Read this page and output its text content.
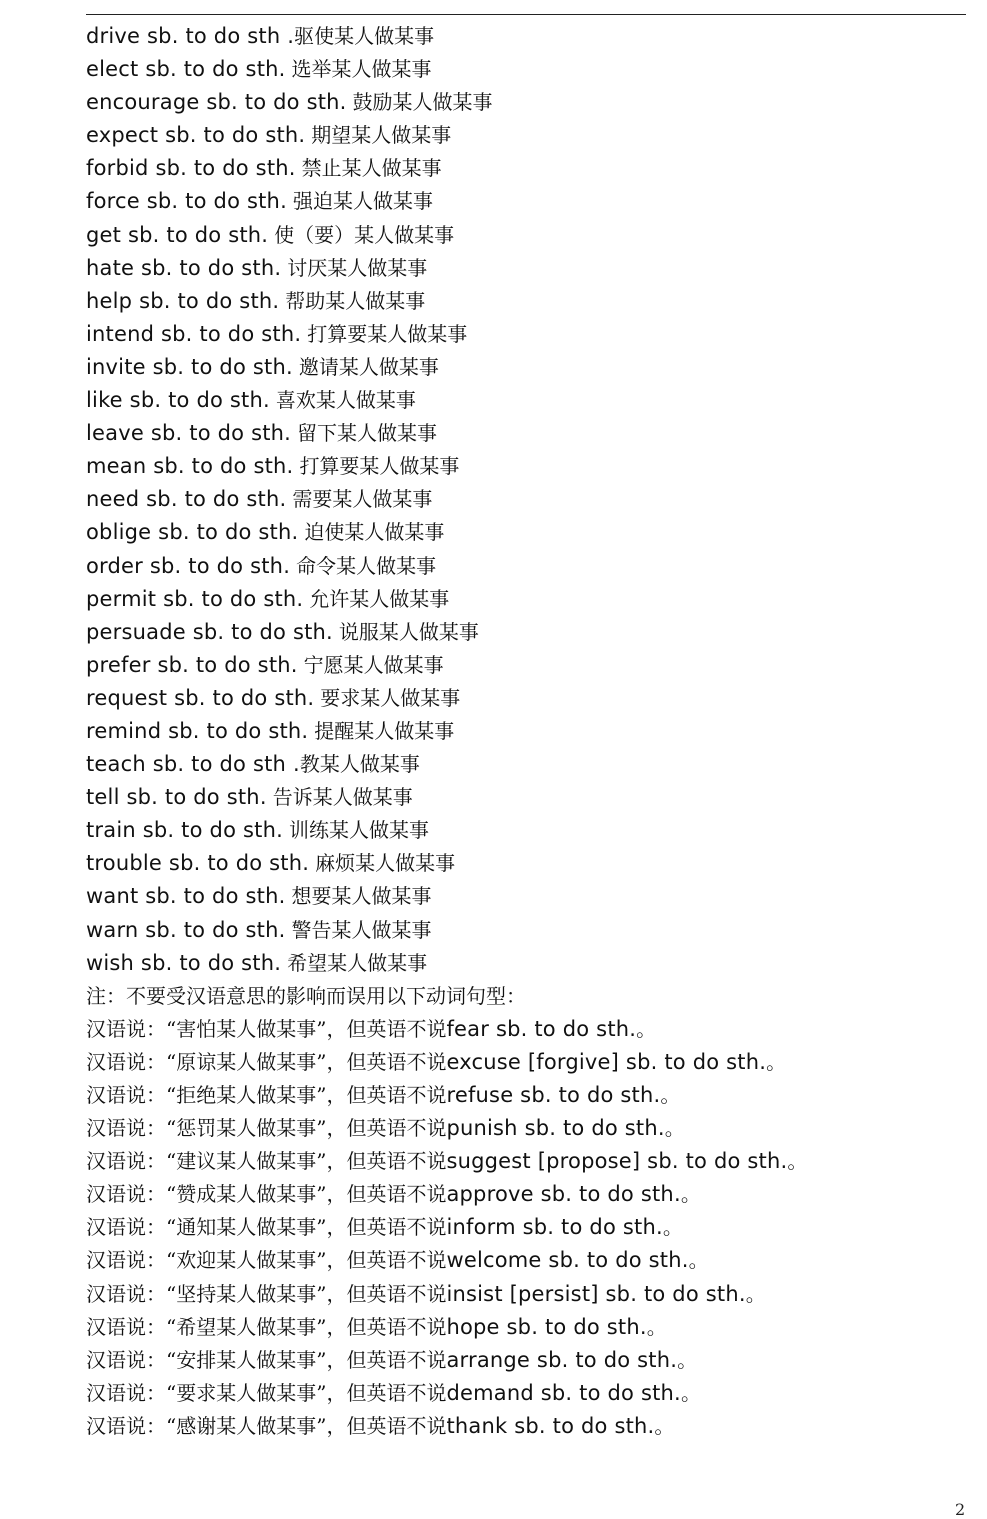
drive sb. to do sth .驱使某人做某事
elect sb. to do sth. 选举某人做某事
encourage sb. to do sth. 鼓励某人做某事
expect sb. to do sth. 期望某人做某事
forbid sb. to do sth. 禁止某人做某事
force sb. to do sth. 强迫某人做某事
get sb. to do sth. 使（要）某人做某事
hate sb. to do sth. 讨厌某人做某事
help sb. to do sth. 帮助某人做某事
intend sb. to do sth. 打算要某人做某事
invite sb. to do sth. 邀请某人做某事
like sb. to do sth. 喜欢某人做某事
leave sb. to do sth. 留下某人做某事
mean sb. to do sth. 打算要某人做某事
need sb. to do sth. 需要某人做某事
oblige sb. to do sth. 迫使某人做某事
order sb. to do sth. 命令某人做某事
permit sb. to do sth. 允许某人做某事
persuade sb. to do sth. 说服某人做某事
prefer sb. to do sth. 宁愿某人做某事
request sb. to do sth. 要求某人做某事
remind sb. to do sth. 提醒某人做某事
teach sb. to do sth .教某人做某事
tell sb. to do sth. 告诉某人做某事
train sb. to do sth. 训练某人做某事
trouble sb. to do sth. 麻烦某人做某事
want sb. to do sth. 想要某人做某事
warn sb. to do sth. 警告某人做某事
wish sb. to do sth. 希望某人做某事
注：不要受汉语意思的影响而误用以下动词句型：
汉语说：“害怕某人做某事”，但英语不说fear sb. to do sth.。
汉语说：“原谅某人做某事”，但英语不说excuse [forgive] sb. to do sth.。
汉语说：“拒绝某人做某事”，但英语不说refuse sb. to do sth.。
汉语说：“惩罚某人做某事”，但英语不说punish sb. to do sth.。
汉语说：“建议某人做某事”，但英语不说suggest [propose] sb. to do sth.。
汉语说：“赞成某人做某事”，但英语不说approve sb. to do sth.。
汉语说：“通知某人做某事”，但英语不说inform sb. to do sth.。
汉语说：“欢迎某人做某事”，但英语不说welcome sb. to do sth.。
汉语说：“坚持某人做某事”，但英语不说insist [persist] sb. to do sth.。
汉语说：“希望某人做某事”，但英语不说hope sb. to do sth.。
汉语说：“安排某人做某事”，但英语不说arrange sb. to do sth.。
汉语说：“要求某人做某事”，但英语不说demand sb. to do sth.。
汉语说：“感谢某人做某事”，但英语不说thank sb. to do sth.。
2
